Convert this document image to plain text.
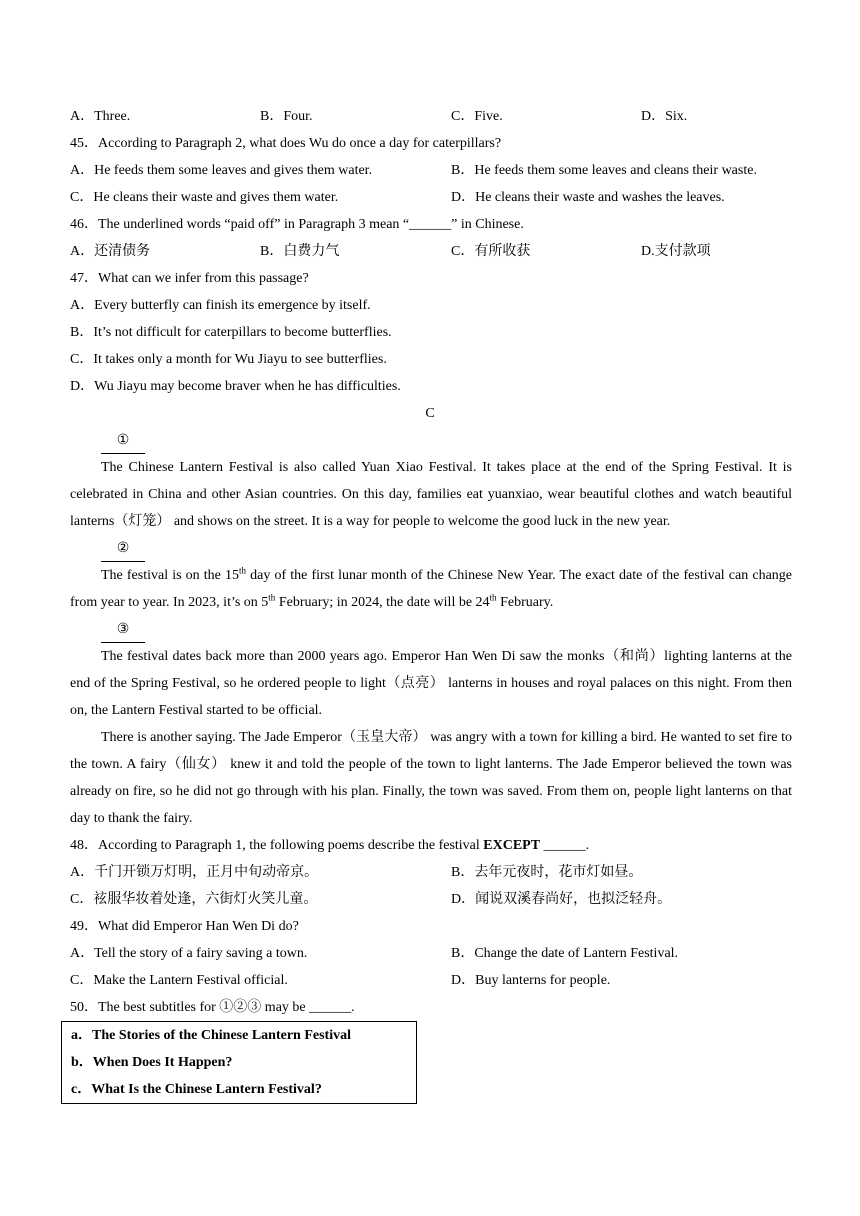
A．Three.	B．Four.	C．Five.	D．Six.
45．According to Paragraph 2, what does Wu do once a day for caterpillars?
A．He feeds them some leaves and gives them water.	B．He feeds them some leaves and cleans their waste.
C．He cleans their waste and gives them water.	D．He cleans their waste and washes the leaves.
46．The underlined words “paid off” in Paragraph 3 mean “______” in Chinese.
A．还清债务	B．白费力气	C．有所收获	D.支付款项
47．What can we infer from this passage?
A．Every butterfly can finish its emergence by itself.
B．It’s not difficult for caterpillars to become butterflies.
C．It takes only a month for Wu Jiayu to see butterflies.
D．Wu Jiayu may become braver when he has difficulties.
C
①
The Chinese Lantern Festival is also called Yuan Xiao Festival. It takes place at the end of the Spring Festival. It is celebrated in China and other Asian countries. On this day, families eat yuanxiao, wear beautiful clothes and watch beautiful lanterns（灯笼） and shows on the street. It is a way for people to welcome the good luck in the new year.
②
The festival is on the 15th day of the first lunar month of the Chinese New Year. The exact date of the festival can change from year to year. In 2023, it’s on 5th February; in 2024, the date will be 24th February.
③
The festival dates back more than 2000 years ago. Emperor Han Wen Di saw the monks（和尚）lighting lanterns at the end of the Spring Festival, so he ordered people to light（点亮） lanterns in houses and royal palaces on this night. From then on, the Lantern Festival started to be official.
There is another saying. The Jade Emperor（玉皇大帝） was angry with a town for killing a bird. He wanted to set fire to the town. A fairy（仙女） knew it and told the people of the town to light lanterns. The Jade Emperor believed the town was already on fire, so he did not go through with his plan. Finally, the town was saved. From them on, people light lanterns on that day to thank the fairy.
48．According to Paragraph 1, the following poems describe the festival EXCEPT ______.
A．千门开锁万灯明，正月中旬动帝京。	B．去年元夜时，花市灯如昼。
C．袨服华妆着处逢，六街灯火笑儿童。	D．闻说双溪春尚好，也拟泛轻舟。
49．What did Emperor Han Wen Di do?
A．Tell the story of a fairy saving a town.	B．Change the date of Lantern Festival.
C．Make the Lantern Festival official.	D．Buy lanterns for people.
50．The best subtitles for ①②③ may be ______.
a．The Stories of the Chinese Lantern Festival
b．When Does It Happen?
c．What Is the Chinese Lantern Festival?
